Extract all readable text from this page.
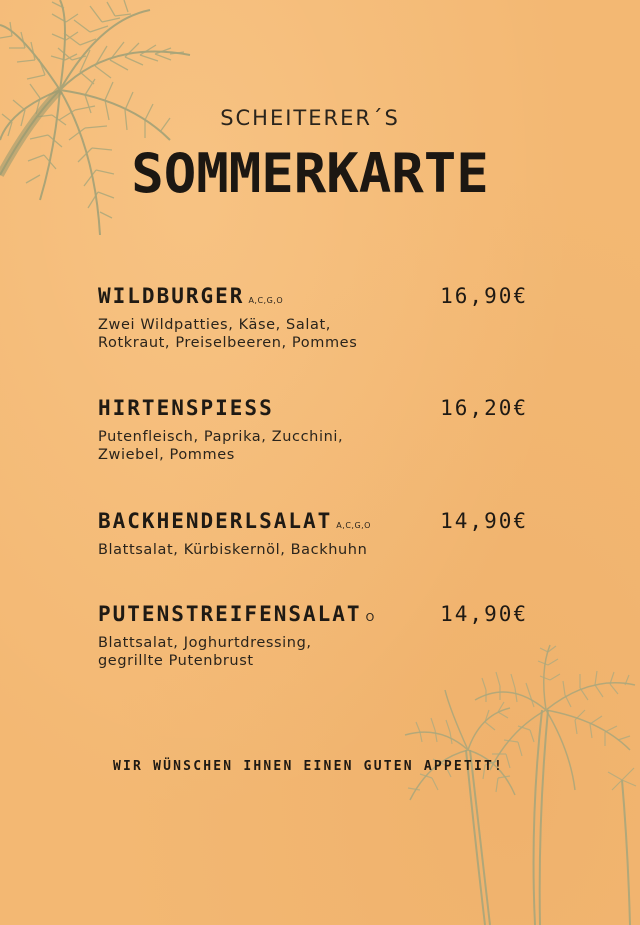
SCHEITERER´S
SOMMERKARTE
WILDBURGER A,C,G,O	16,90€
Zwei Wildpatties, Käse, Salat,
Rotkraut, Preiselbeeren, Pommes
HIRTENSPIESS	16,20€
Putenfleisch, Paprika, Zucchini,
Zwiebel, Pommes
BACKHENDERLSALAT A,C,G,O	14,90€
Blattsalat, Kürbiskernöl, Backhuhn
PUTENSTREIFENSALAT O	14,90€
Blattsalat, Joghurtdressing,
gegrillte Putenbrust
WIR WÜNSCHEN IHNEN EINEN GUTEN APPETIT!
